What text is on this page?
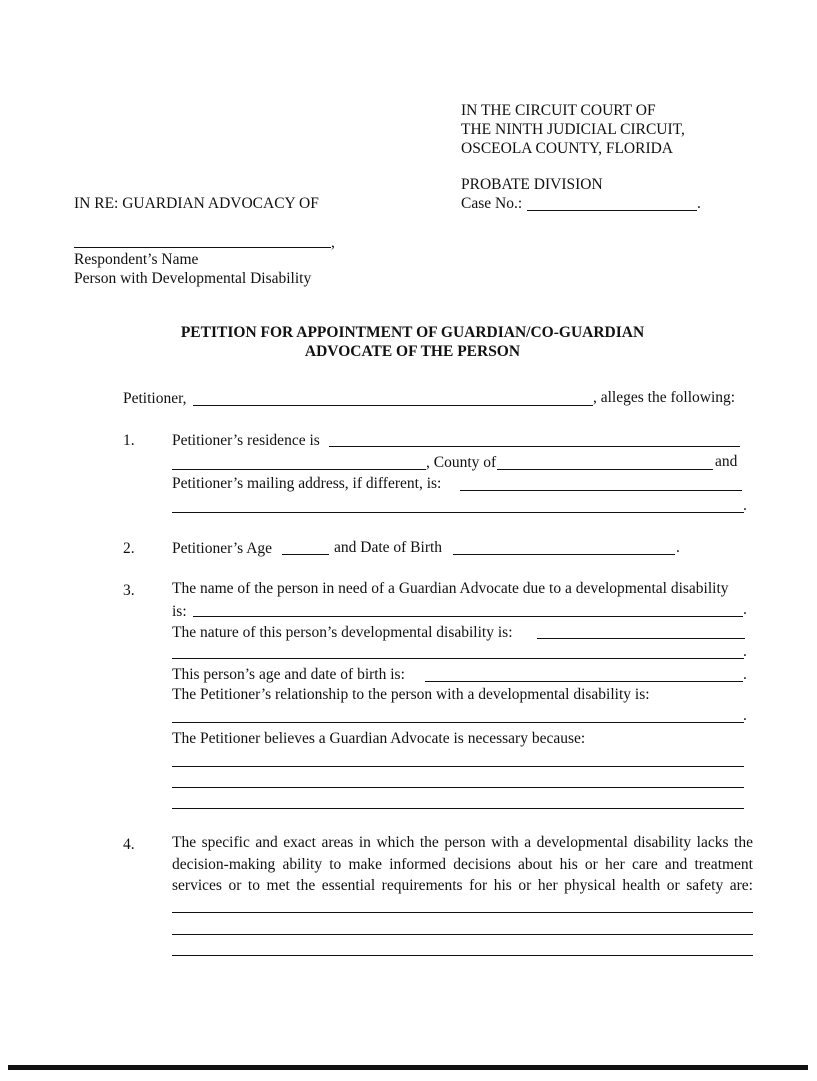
IN THE CIRCUIT COURT OF
THE NINTH JUDICIAL CIRCUIT,
OSCEOLA COUNTY, FLORIDA
PROBATE DIVISION
Case No.:	.
IN RE: GUARDIAN ADVOCACY OF
,
Respondent’s Name
Person with Developmental Disability
PETITION FOR APPOINTMENT OF GUARDIAN/CO-GUARDIAN
ADVOCATE OF THE PERSON
Petitioner,	, alleges the following:
1. Petitioner’s residence is
, County of	and
Petitioner’s mailing address, if different, is:
.
2. Petitioner’s Age	and Date of Birth	.
3. The name of the person in need of a Guardian Advocate due to a developmental disability
is:	.
The nature of this person’s developmental disability is:
.
This person’s age and date of birth is:	.
The Petitioner’s relationship to the person with a developmental disability is:
.
The Petitioner believes a Guardian Advocate is necessary because:
4. The specific and exact areas in which the person with a developmental disability lacks the
decision-making ability to make informed decisions about his or her care and treatment
services or to met the essential requirements for his or her physical health or safety are:
